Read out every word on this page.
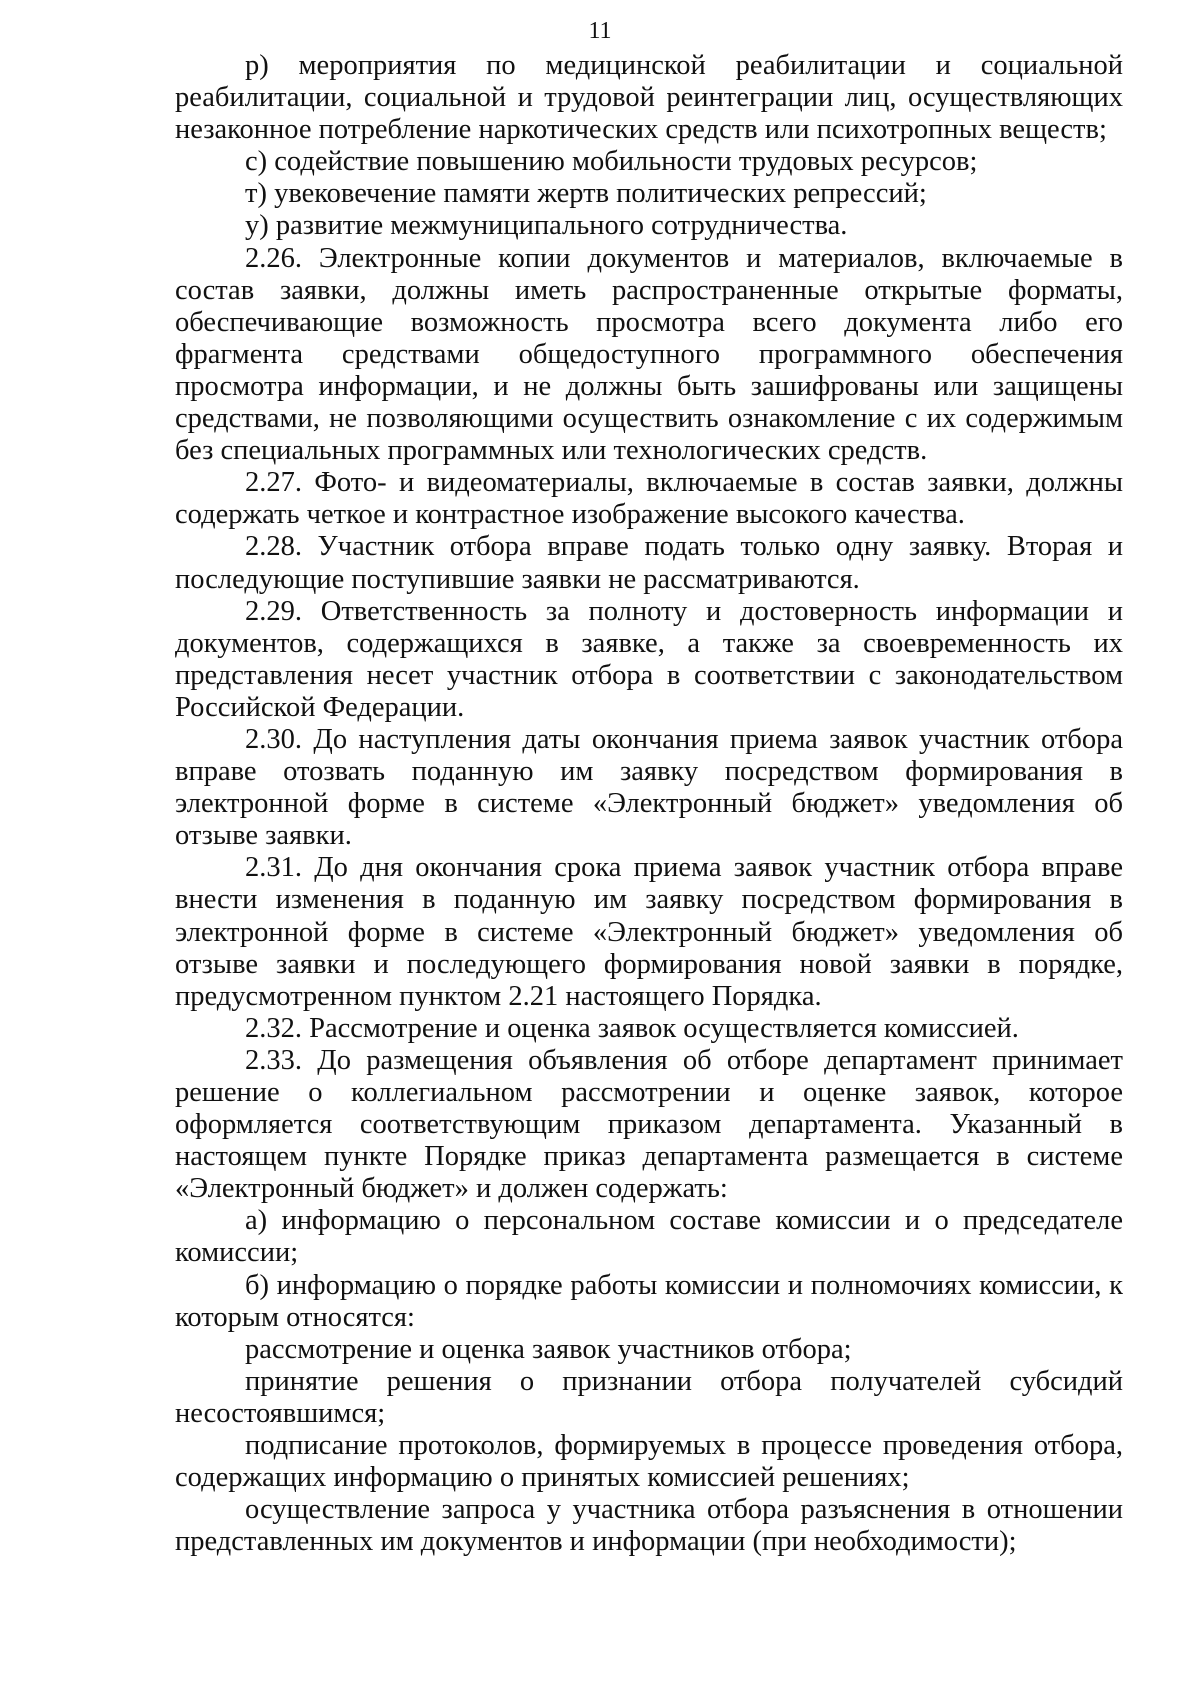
11

р) мероприятия по медицинской реабилитации и социальной реабилитации, социальной и трудовой реинтеграции лиц, осуществляющих незаконное потребление наркотических средств или психотропных веществ;

с) содействие повышению мобильности трудовых ресурсов;

т) увековечение памяти жертв политических репрессий;

у) развитие межмуниципального сотрудничества.

2.26. Электронные копии документов и материалов, включаемые в состав заявки, должны иметь распространенные открытые форматы, обеспечивающие возможность просмотра всего документа либо его фрагмента средствами общедоступного программного обеспечения просмотра информации, и не должны быть зашифрованы или защищены средствами, не позволяющими осуществить ознакомление с их содержимым без специальных программных или технологических средств.

2.27. Фото- и видеоматериалы, включаемые в состав заявки, должны содержать четкое и контрастное изображение высокого качества.

2.28. Участник отбора вправе подать только одну заявку. Вторая и последующие поступившие заявки не рассматриваются.

2.29. Ответственность за полноту и достоверность информации и документов, содержащихся в заявке, а также за своевременность их представления несет участник отбора в соответствии с законодательством Российской Федерации.

2.30. До наступления даты окончания приема заявок участник отбора вправе отозвать поданную им заявку посредством формирования в электронной форме в системе «Электронный бюджет» уведомления об отзыве заявки.

2.31. До дня окончания срока приема заявок участник отбора вправе внести изменения в поданную им заявку посредством формирования в электронной форме в системе «Электронный бюджет» уведомления об отзыве заявки и последующего формирования новой заявки в порядке, предусмотренном пунктом 2.21 настоящего Порядка.

2.32. Рассмотрение и оценка заявок осуществляется комиссией.

2.33. До размещения объявления об отборе департамент принимает решение о коллегиальном рассмотрении и оценке заявок, которое оформляется соответствующим приказом департамента. Указанный в настоящем пункте Порядке приказ департамента размещается в системе «Электронный бюджет» и должен содержать:

а) информацию о персональном составе комиссии и о председателе комиссии;

б) информацию о порядке работы комиссии и полномочиях комиссии, к которым относятся:

рассмотрение и оценка заявок участников отбора;

принятие решения о признании отбора получателей субсидий несостоявшимся;

подписание протоколов, формируемых в процессе проведения отбора, содержащих информацию о принятых комиссией решениях;

осуществление запроса у участника отбора разъяснения в отношении представленных им документов и информации (при необходимости);
